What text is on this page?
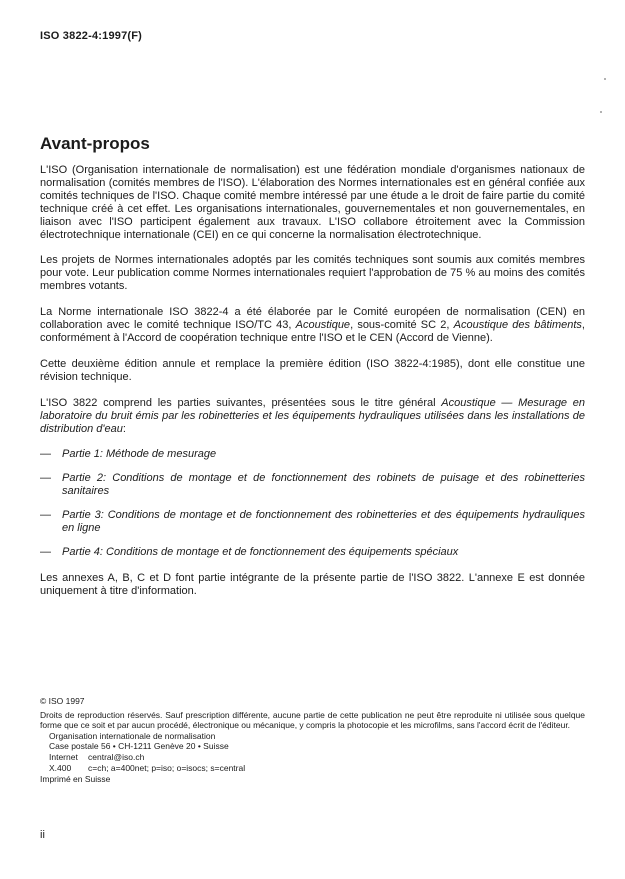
ISO 3822-4:1997(F)
Avant-propos

L'ISO (Organisation internationale de normalisation) est une fédération mondiale d'organismes nationaux de normalisation (comités membres de l'ISO). L'élaboration des Normes internationales est en général confiée aux comités techniques de l'ISO. Chaque comité membre intéressé par une étude a le droit de faire partie du comité technique créé à cet effet. Les organisations internationales, gouvernementales et non gouvernementales, en liaison avec l'ISO participent également aux travaux. L'ISO collabore étroitement avec la Commission électrotechnique internationale (CEI) en ce qui concerne la normalisation électrotechnique.

Les projets de Normes internationales adoptés par les comités techniques sont soumis aux comités membres pour vote. Leur publication comme Normes internationales requiert l'approbation de 75 % au moins des comités membres votants.

La Norme internationale ISO 3822-4 a été élaborée par le Comité européen de normalisation (CEN) en collaboration avec le comité technique ISO/TC 43, Acoustique, sous-comité SC 2, Acoustique des bâtiments, conformément à l'Accord de coopération technique entre l'ISO et le CEN (Accord de Vienne).

Cette deuxième édition annule et remplace la première édition (ISO 3822-4:1985), dont elle constitue une révision technique.

L'ISO 3822 comprend les parties suivantes, présentées sous le titre général Acoustique — Mesurage en laboratoire du bruit émis par les robinetteries et les équipements hydrauliques utilisées dans les installations de distribution d'eau:

—	Partie 1: Méthode de mesurage
—	Partie 2: Conditions de montage et de fonctionnement des robinets de puisage et des robinetteries sanitaires
—	Partie 3: Conditions de montage et de fonctionnement des robinetteries et des équipements hydrauliques en ligne
—	Partie 4: Conditions de montage et de fonctionnement des équipements spéciaux

Les annexes A, B, C et D font partie intégrante de la présente partie de l'ISO 3822. L'annexe E est donnée uniquement à titre d'information.

© ISO 1997

Droits de reproduction réservés. Sauf prescription différente, aucune partie de cette publication ne peut être reproduite ni utilisée sous quelque forme que ce soit et par aucun procédé, électronique ou mécanique, y compris la photocopie et les microfilms, sans l'accord écrit de l'éditeur.

Organisation internationale de normalisation

Case postale 56 • CH-1211 Genève 20 • Suisse

Internet	central@iso.ch
X.400	c=ch; a=400net; p=iso; o=isocs; s=central

Imprimé en Suisse

ii
